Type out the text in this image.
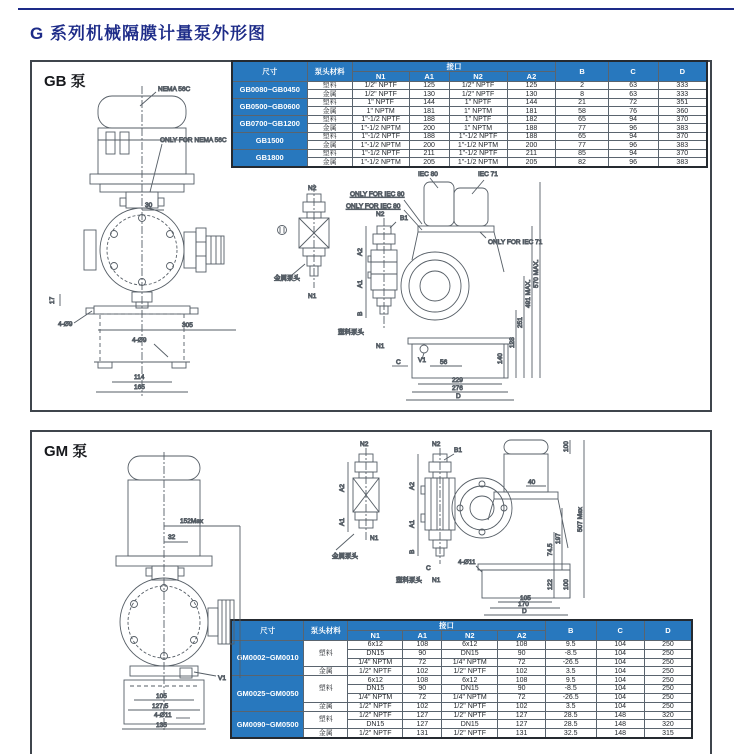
G 系列机械隔膜计量泵外形图
GB 泵
尺寸	泵头材料	接口				B	C	D
		N1	A1	N2	A2			
GB0080~GB0450	塑料	1/2" NPTF	125	1/2" NPTF	125	2	63	333
	金属	1/2" NPTF	130	1/2" NPTF	130	8	63	333
GB0500~GB0600	塑料	1" NPTF	144	1" NPTF	144	21	72	351
	金属	1" NPTM	181	1" NPTM	181	58	76	360
GB0700~GB1200	塑料	1"-1/2 NPTF	188	1" NPTF	182	65	94	370
	金属	1"-1/2 NPTM	200	1" NPTM	188	77	96	383
GB1500	塑料	1"-1/2 NPTF	188	1"-1/2 NPTF	188	65	94	370
	金属	1"-1/2 NPTM	200	1"-1/2 NPTM	200	77	96	383
GB1800	塑料	1"-1/2 NPTF	211	1"-1/2 NPTF	211	85	94	370
	金属	1"-1/2 NPTM	205	1"-1/2 NPTM	205	82	96	383
NEMA 56C
ONLY FOR NEMA 56C
30
17
4-Ø9	305
4-Ø9
114
165
N2
N1
金属泵头
IEC 80	IEC 71
ONLY FOR IEC 80
ONLY FOR IEC 80
ONLY FOR IEC 71
N2
B1
A2
A1
B
塑料泵头
N1
V1 56
C
229
276
D
140
123
251
491 MAX.
570 MAX.
GM 泵
尺寸	泵头材料	接口				B	C	D
		N1	A1	N2	A2			
GM0002~GM0010	塑料	6x12	108	6x12	108	9.5	104	250
		DN15	90	DN15	90	-8.5	104	250
		1/4" NPTM	72	1/4" NPTM	72	-26.5	104	250
	金属	1/2" NPTF	102	1/2" NPTF	102	3.5	104	250
GM0025~GM0050	塑料	6x12	108	6x12	108	9.5	104	250
		DN15	90	DN15	90	-8.5	104	250
		1/4" NPTM	72	1/4" NPTM	72	-26.5	104	250
	金属	1/2" NPTF	102	1/2" NPTF	102	3.5	104	250
GM0090~GM0500	塑料	1/2" NPTF	127	1/2" NPTF	127	28.5	148	320
		DN15	127	DN15	127	28.5	148	320
	金属	1/2" NPTF	131	1/2" NPTF	131	32.5	148	315
152Max
32
V1
105
127.5
4-Ø11
135
N2
A2
A1
金属泵头
N1
N2
B1
A2
A1
B
C
塑料泵头 N1
40
4-Ø11
105
170
D
74.5
197
122 100
100
507 Max
